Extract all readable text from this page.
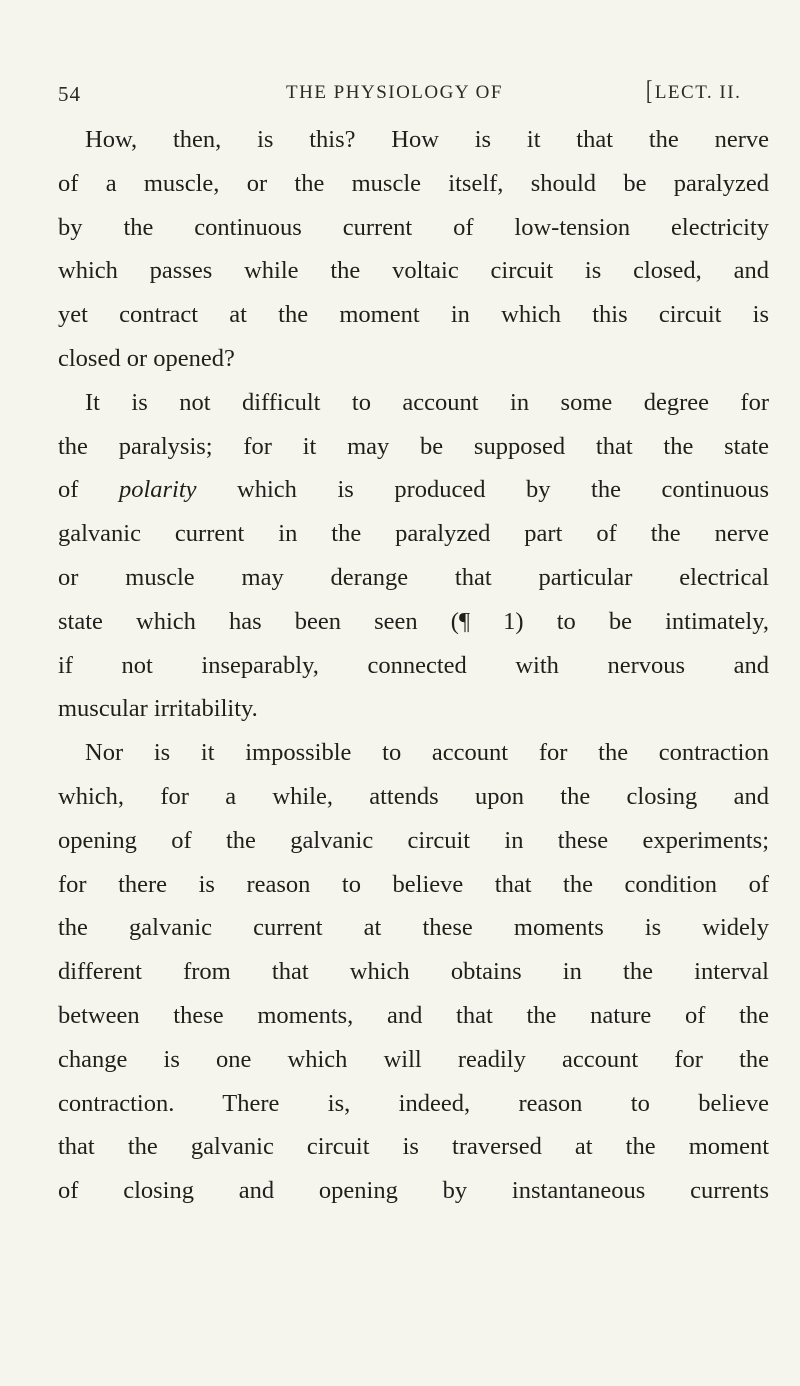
54	THE PHYSIOLOGY OF	[LECT. II.
How, then, is this? How is it that the nerve
of a muscle, or the muscle itself, should be paralyzed
by the continuous current of low-tension electricity
which passes while the voltaic circuit is closed, and
yet contract at the moment in which this circuit is
closed or opened?
It is not difficult to account in some degree for
the paralysis; for it may be supposed that the state
of polarity which is produced by the continuous
galvanic current in the paralyzed part of the nerve
or muscle may derange that particular electrical
state which has been seen (¶ 1) to be intimately,
if not inseparably, connected with nervous and
muscular irritability.
Nor is it impossible to account for the contraction
which, for a while, attends upon the closing and
opening of the galvanic circuit in these experiments;
for there is reason to believe that the condition of
the galvanic current at these moments is widely
different from that which obtains in the interval
between these moments, and that the nature of the
change is one which will readily account for the
contraction. There is, indeed, reason to believe
that the galvanic circuit is traversed at the moment
of closing and opening by instantaneous currents
